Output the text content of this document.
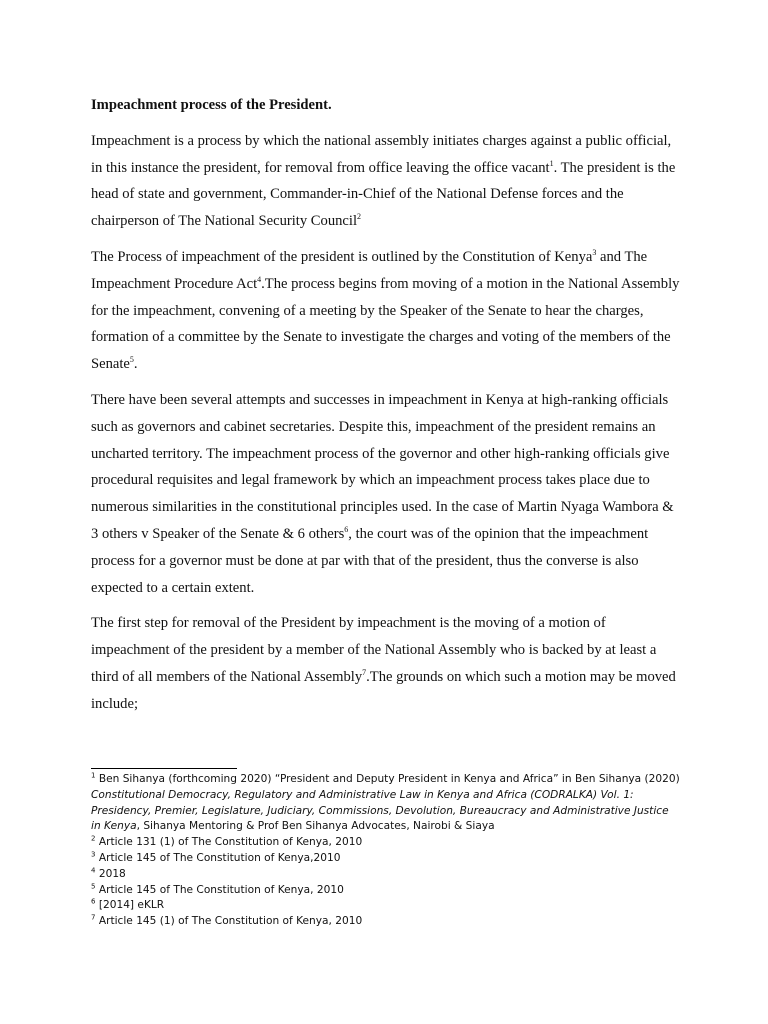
Impeachment process of the President.

Impeachment is a process by which the national assembly initiates charges against a public official, in this instance the president, for removal from office leaving the office vacant$^1$. The president is the head of state and government, Commander-in-Chief of the National Defense forces and the chairperson of The National Security Council$^2$

The Process of impeachment of the president is outlined by the Constitution of Kenya$^3$ and The Impeachment Procedure Act$^4$.The process begins from moving of a motion in the National Assembly for the impeachment, convening of a meeting by the Speaker of the Senate to hear the charges, formation of a committee by the Senate to investigate the charges and voting of the members of the Senate$^5$.

There have been several attempts and successes in impeachment in Kenya at high-ranking officials such as governors and cabinet secretaries. Despite this, impeachment of the president remains an uncharted territory. The impeachment process of the governor and other high-ranking officials give procedural requisites and legal framework by which an impeachment process takes place due to numerous similarities in the constitutional principles used. In the case of Martin Nyaga Wambora & 3 others v Speaker of the Senate & 6 others$^6$, the court was of the opinion that the impeachment process for a governor must be done at par with that of the president, thus the converse is also expected to a certain extent.

The first step for removal of the President by impeachment is the moving of a motion of impeachment of the president by a member of the National Assembly who is backed by at least a third of all members of the National Assembly$^7$.The grounds on which such a motion may be moved include;

$^1$ Ben Sihanya (forthcoming 2020) “President and Deputy President in Kenya and Africa” in Ben Sihanya (2020) Constitutional Democracy, Regulatory and Administrative Law in Kenya and Africa (CODRALKA) Vol. 1: Presidency, Premier, Legislature, Judiciary, Commissions, Devolution, Bureaucracy and Administrative Justice in Kenya, Sihanya Mentoring & Prof Ben Sihanya Advocates, Nairobi & Siaya

$^2$ Article 131 (1) of The Constitution of Kenya, 2010

$^3$ Article 145 of The Constitution of Kenya,2010

$^4$ 2018

$^5$ Article 145 of The Constitution of Kenya, 2010

$^6$ [2014] eKLR

$^7$ Article 145 (1) of The Constitution of Kenya, 2010
